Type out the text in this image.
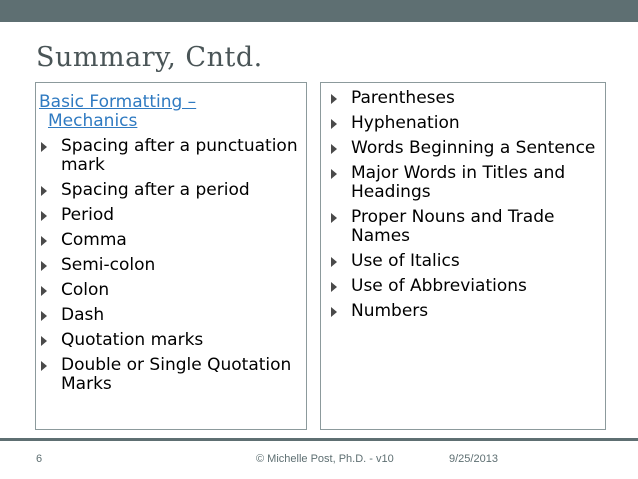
Summary, Cntd.
Basic Formatting –
Mechanics
Spacing after a punctuation
mark
Spacing after a period
Period
Comma
Semi-colon
Colon
Dash
Quotation marks
Double or Single Quotation
Marks
Parentheses
Hyphenation
Words Beginning a Sentence
Major Words in Titles and
Headings
Proper Nouns and Trade
Names
Use of Italics
Use of Abbreviations
Numbers
6	© Michelle Post, Ph.D. - v10	9/25/2013
